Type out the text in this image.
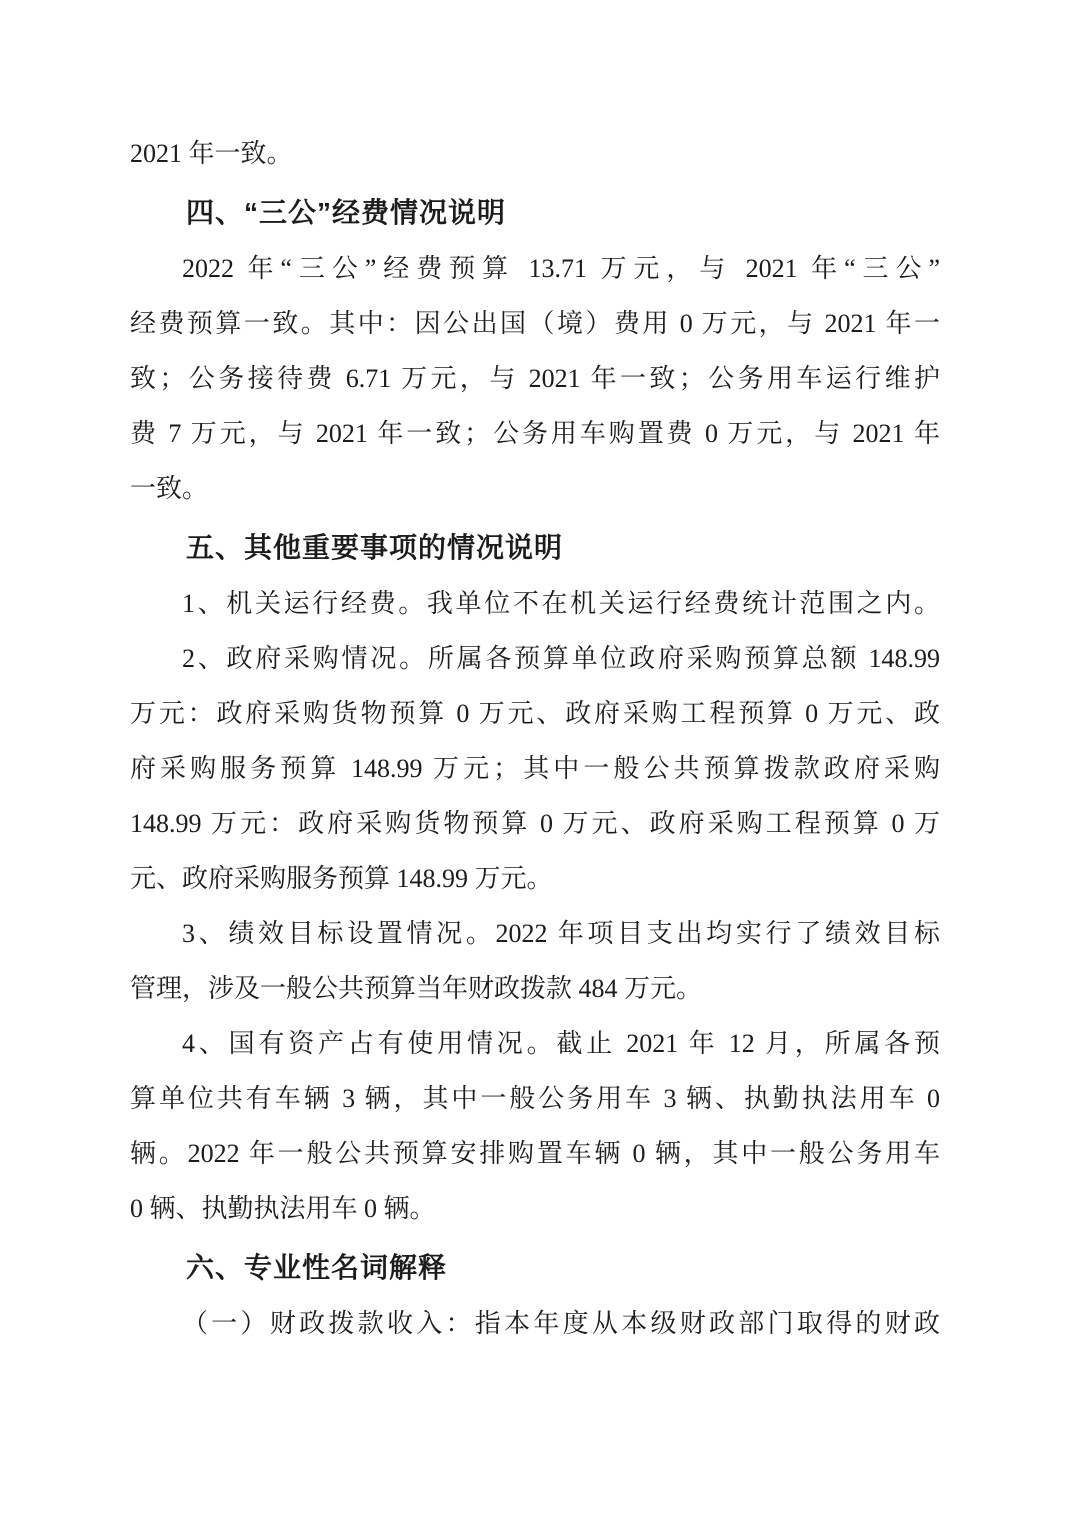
2021 年一致。
四、“三公”经费情况说明
2022 年“三公”经费预算 13.71 万元，与 2021 年“三公”
经费预算一致。其中：因公出国（境）费用 0 万元，与 2021 年一
致；公务接待费 6.71 万元，与 2021 年一致；公务用车运行维护
费 7 万元，与 2021 年一致；公务用车购置费 0 万元，与 2021 年
一致。
五、其他重要事项的情况说明
1、机关运行经费。我单位不在机关运行经费统计范围之内。
2、政府采购情况。所属各预算单位政府采购预算总额 148.99
万元：政府采购货物预算 0 万元、政府采购工程预算 0 万元、政
府采购服务预算 148.99 万元；其中一般公共预算拨款政府采购
148.99 万元：政府采购货物预算 0 万元、政府采购工程预算 0 万
元、政府采购服务预算 148.99 万元。
3、绩效目标设置情况。2022 年项目支出均实行了绩效目标
管理，涉及一般公共预算当年财政拨款 484 万元。
4、国有资产占有使用情况。截止 2021 年 12 月，所属各预
算单位共有车辆 3 辆，其中一般公务用车 3 辆、执勤执法用车 0
辆。2022 年一般公共预算安排购置车辆 0 辆，其中一般公务用车
0 辆、执勤执法用车 0 辆。
六、专业性名词解释
（一）财政拨款收入：指本年度从本级财政部门取得的财政
